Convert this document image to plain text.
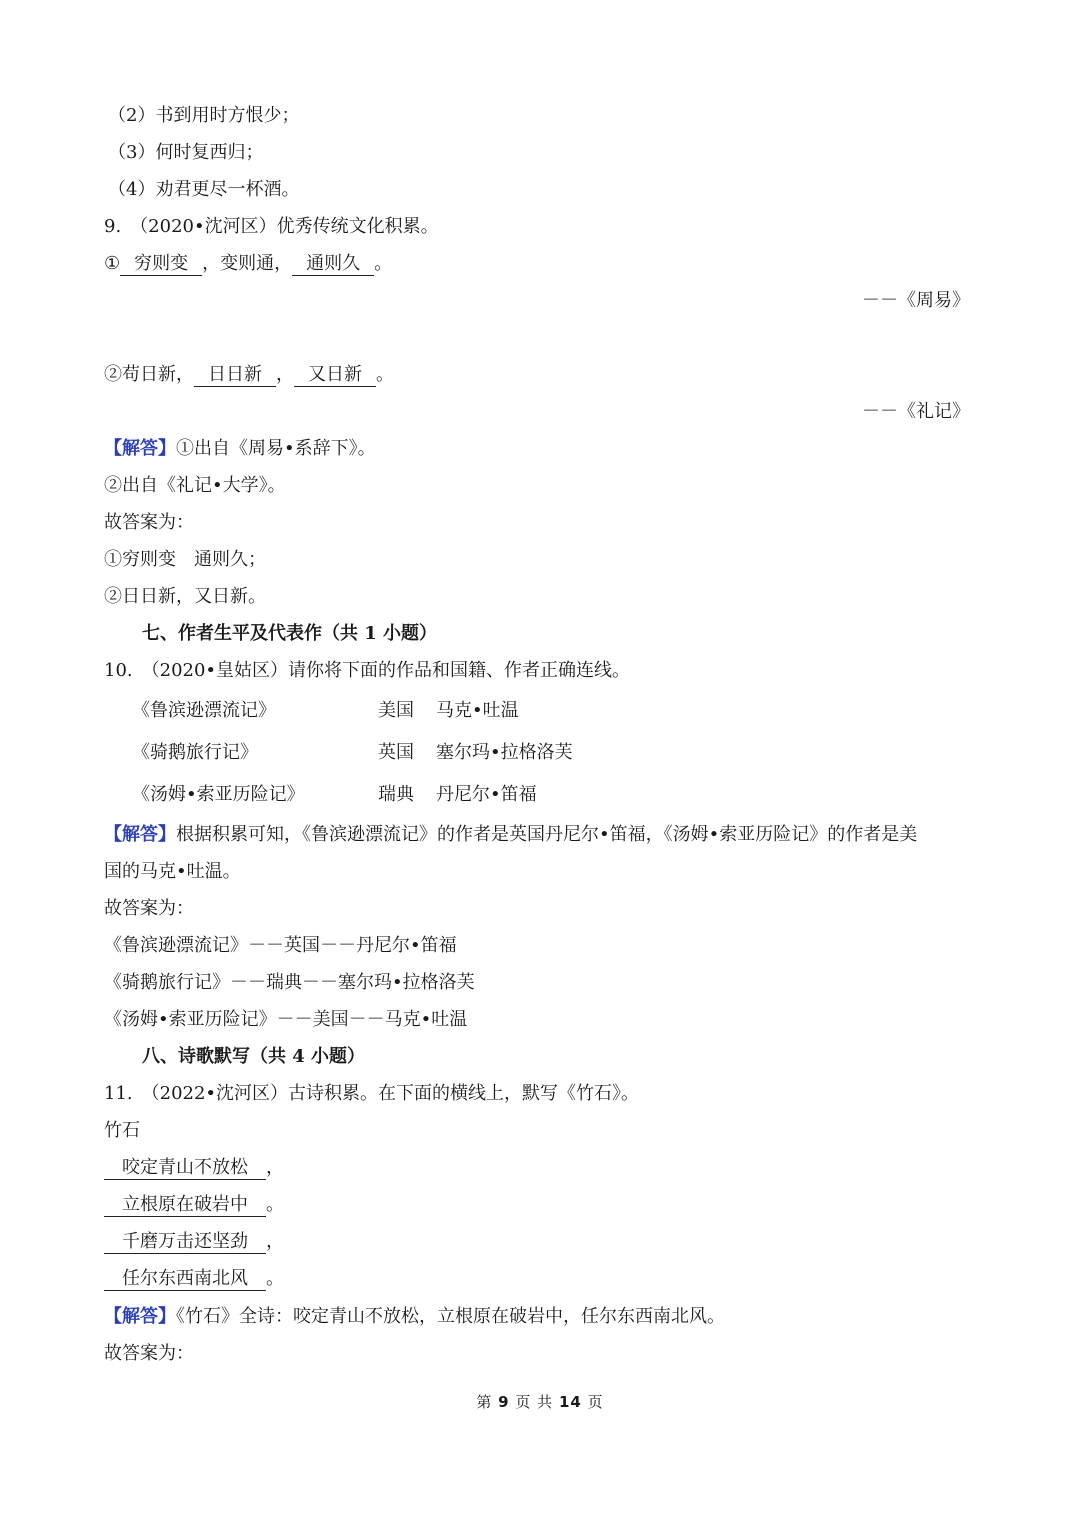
（2）书到用时方恨少；
（3）何时复西归；
（4）劝君更尽一杯酒。
9.　（2020•沈河区）优秀传统文化积累。
① 穷则变 ，变则通， 通则久 。
－－《周易》
②苟日新， 日日新 ， 又日新 。
－－《礼记》
【解答】①出自《周易•系辞下》。
②出自《礼记•大学》。
故答案为：
①穷则变　通则久；
②日日新，又日新。
七、作者生平及代表作（共 1 小题）
10.　（2020•皇姑区）请你将下面的作品和国籍、作者正确连线。
《鲁滨逊漂流记》	美国 马克•吐温
《骑鹅旅行记》	英国 塞尔玛•拉格洛芙
《汤姆•索亚历险记》	瑞典 丹尼尔•笛福
【解答】根据积累可知，《鲁滨逊漂流记》的作者是英国丹尼尔•笛福，《汤姆•索亚历险记》的作者是美
国的马克•吐温。
故答案为：
《鲁滨逊漂流记》－－英国－－丹尼尔•笛福
《骑鹅旅行记》－－瑞典－－塞尔玛•拉格洛芙
《汤姆•索亚历险记》－－美国－－马克•吐温
八、诗歌默写（共 4 小题）
11.　（2022•沈河区）古诗积累。在下面的横线上，默写《竹石》。
竹石
咬定青山不放松 ，
立根原在破岩中 。
千磨万击还坚劲 ，
任尔东西南北风 。
【解答】《竹石》全诗：咬定青山不放松，立根原在破岩中，任尔东西南北风。
故答案为：
第 9 页 共 14 页
